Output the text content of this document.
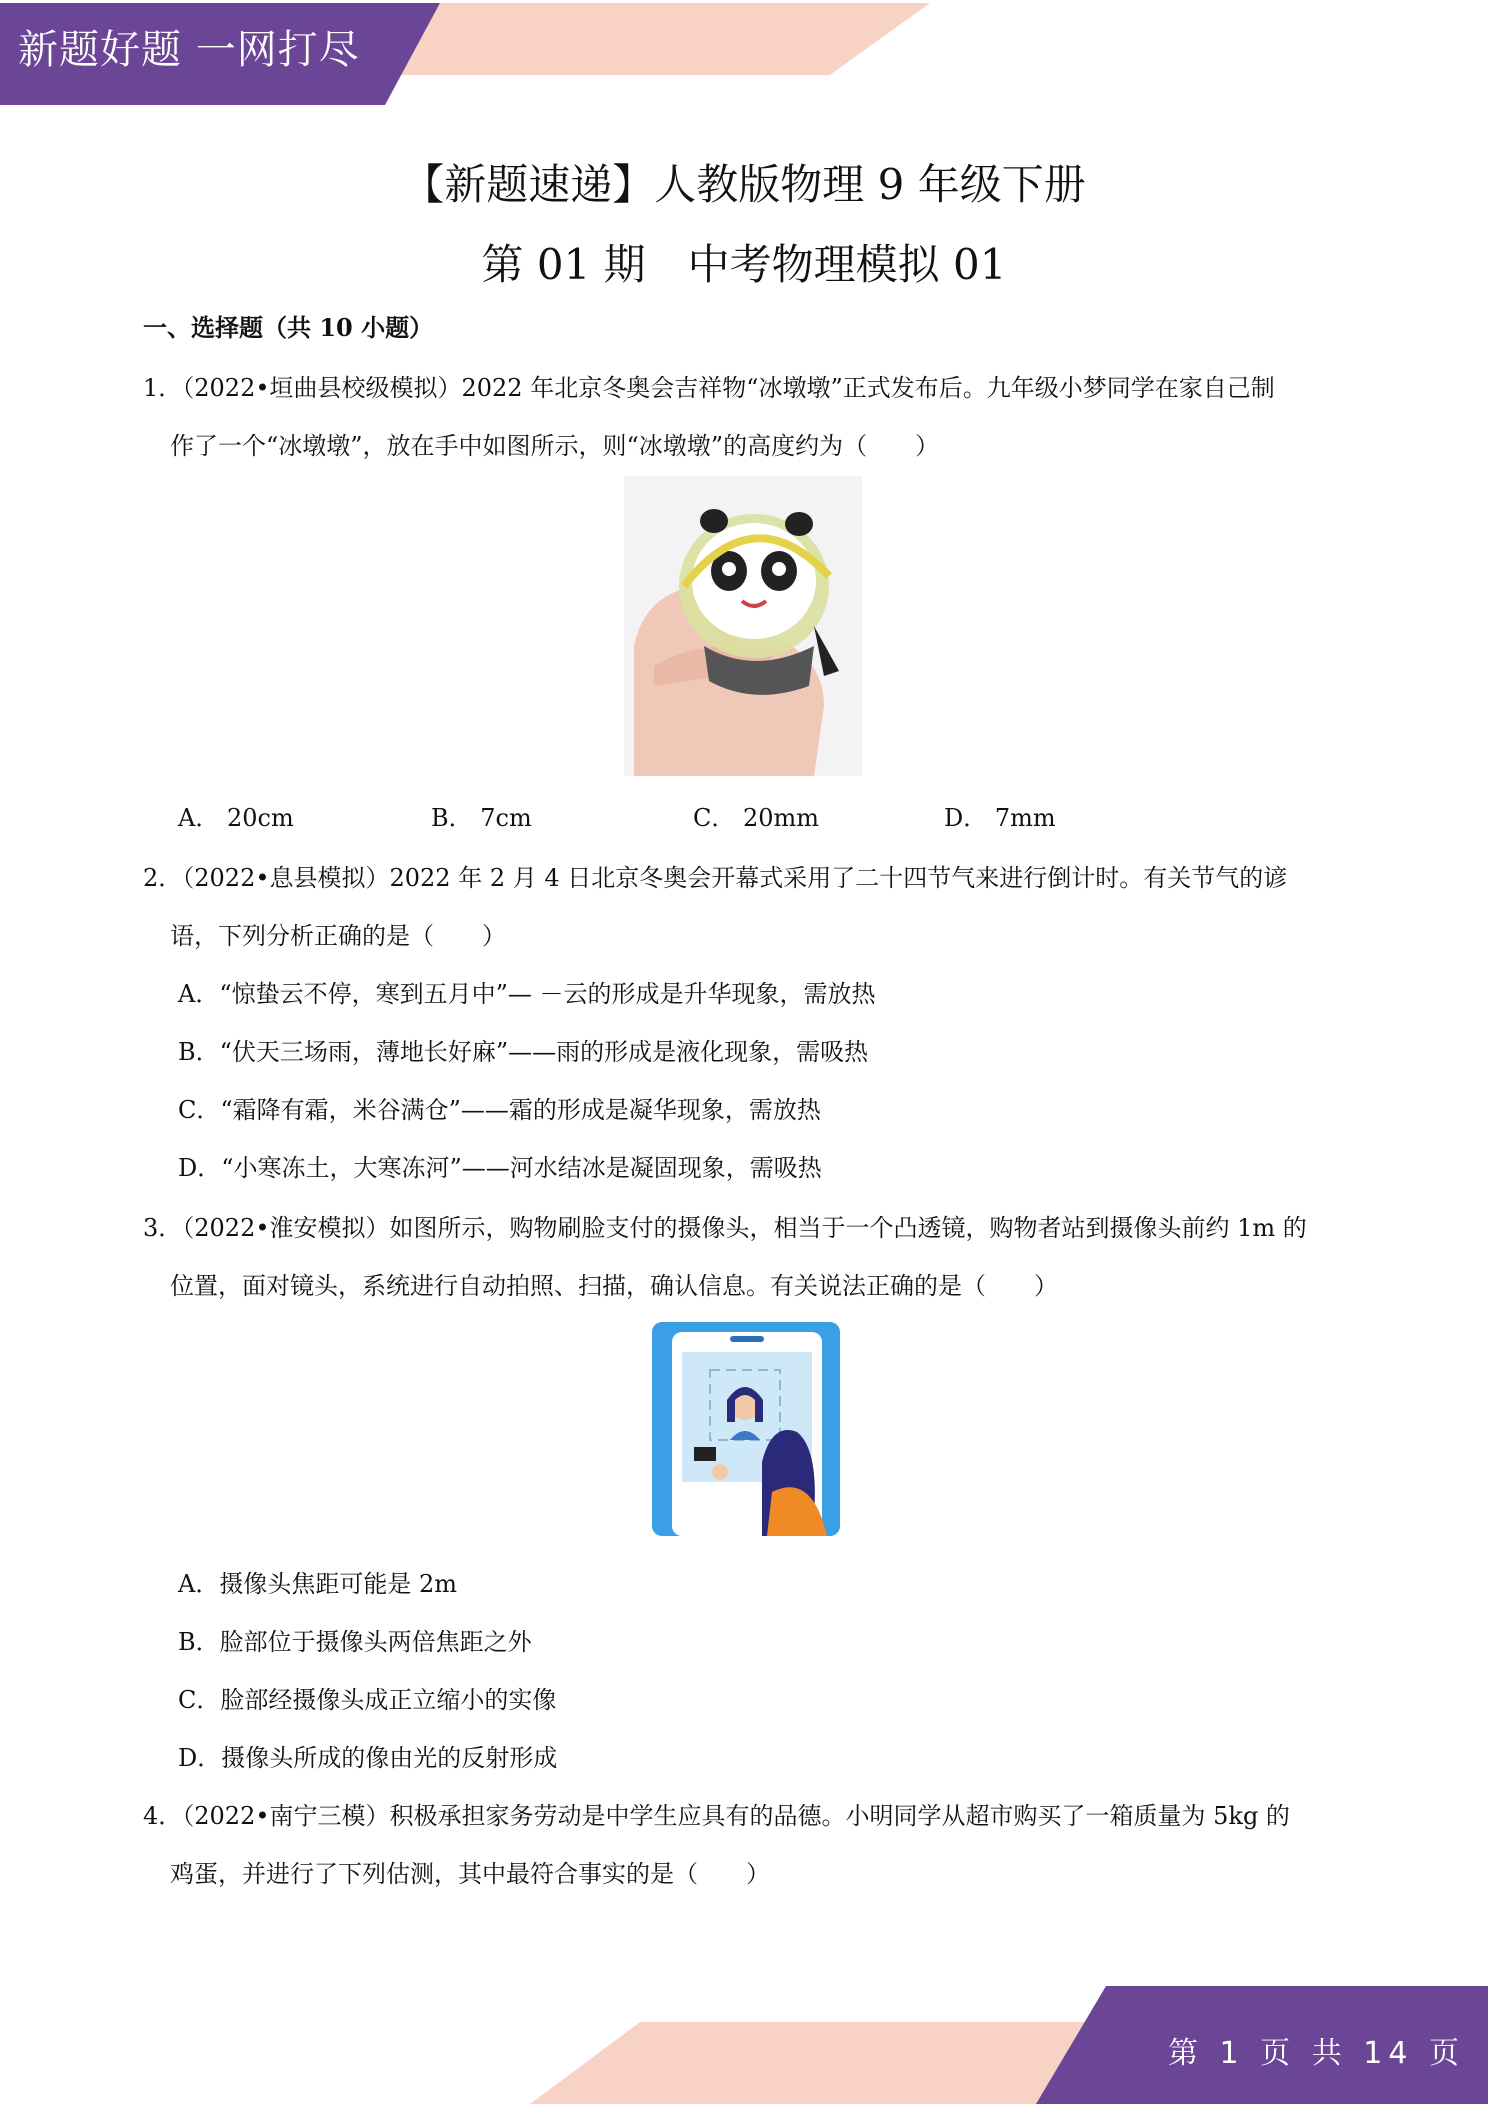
新题好题 一网打尽
【新题速递】人教版物理 9 年级下册
第 01 期　中考物理模拟 01
一、选择题（共 10 小题）
1．（2022•垣曲县校级模拟）2022 年北京冬奥会吉祥物“冰墩墩”正式发布后。九年级小梦同学在家自己制
作了一个“冰墩墩”，放在手中如图所示，则“冰墩墩”的高度约为（　　）
A． 20cm	B． 7cm	C． 20mm	D． 7mm
2．（2022•息县模拟）2022 年 2 月 4 日北京冬奥会开幕式采用了二十四节气来进行倒计时。有关节气的谚
语，下列分析正确的是（　　）
A．“惊蛰云不停，寒到五月中”— －云的形成是升华现象，需放热
B．“伏天三场雨，薄地长好麻”——雨的形成是液化现象，需吸热
C．“霜降有霜，米谷满仓”——霜的形成是凝华现象，需放热
D．“小寒冻土，大寒冻河”——河水结冰是凝固现象，需吸热
3．（2022•淮安模拟）如图所示，购物刷脸支付的摄像头，相当于一个凸透镜，购物者站到摄像头前约 1m 的
位置，面对镜头，系统进行自动拍照、扫描，确认信息。有关说法正确的是（　　）
A．摄像头焦距可能是 2m
B．脸部位于摄像头两倍焦距之外
C．脸部经摄像头成正立缩小的实像
D．摄像头所成的像由光的反射形成
4．（2022•南宁三模）积极承担家务劳动是中学生应具有的品德。小明同学从超市购买了一箱质量为 5kg 的
鸡蛋，并进行了下列估测，其中最符合事实的是（　　）
第 1 页 共 14 页
